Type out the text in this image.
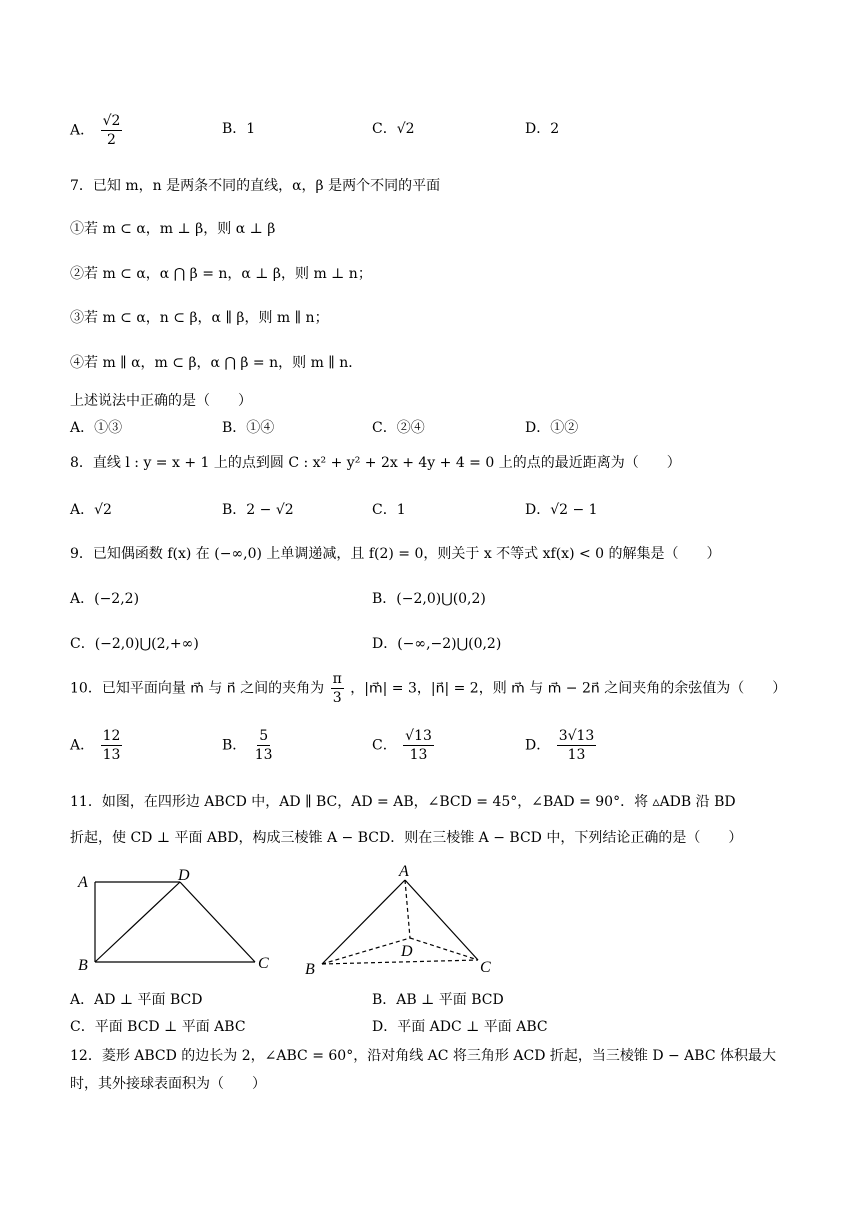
A． $\frac{√2}{2}$	B．1	C．√2	D．2
7．已知 m，n 是两条不同的直线，α，β 是两个不同的平面
①若 m ⊂ α，m ⊥ β，则 α ⊥ β
②若 m ⊂ α，α ⋂ β = n，α ⊥ β，则 m ⊥ n；
③若 m ⊂ α，n ⊂ β，α ∥ β，则 m ∥ n；
④若 m ∥ α，m ⊂ β，α ⋂ β = n，则 m ∥ n．
上述说法中正确的是（　　）
A．①③	B．①④	C．②④	D．①②
8．直线 l : y = x + 1 上的点到圆 C : x² + y² + 2x + 4y + 4 = 0 上的点的最近距离为（　　）
A．√2	B．2 − √2	C．1	D．√2 − 1
9．已知偶函数 f(x) 在 (−∞,0) 上单调递减，且 f(2) = 0，则关于 x 不等式 xf(x) < 0 的解集是（　　）
A．(−2,2)	B．(−2,0)⋃(0,2)
C．(−2,0)⋃(2,+∞)	D．(−∞,−2)⋃(0,2)
10．已知平面向量 m⃗ 与 n⃗ 之间的夹角为 $\frac{\pi}{3}$ ，|m⃗| = 3，|n⃗| = 2，则 m⃗ 与 m⃗ − 2n⃗ 之间夹角的余弦值为（　　）
A． $\frac{12}{13}$	B． $\frac{5}{13}$	C． $\frac{√13}{13}$	D． $\frac{3√13}{13}$
11．如图，在四形边 ABCD 中，AD ∥ BC，AD = AB，∠BCD = 45°，∠BAD = 90°．将 ▵ADB 沿 BD
折起，使 CD ⊥ 平面 ABD，构成三棱锥 A − BCD．则在三棱锥 A − BCD 中，下列结论正确的是（　　）
A	D
B	C
A
D
B	C
A．AD ⊥ 平面 BCD	B．AB ⊥ 平面 BCD
C．平面 BCD ⊥ 平面 ABC	D．平面 ADC ⊥ 平面 ABC
12．菱形 ABCD 的边长为 2，∠ABC = 60°，沿对角线 AC 将三角形 ACD 折起，当三棱锥 D − ABC 体积最大
时，其外接球表面积为（　　）
